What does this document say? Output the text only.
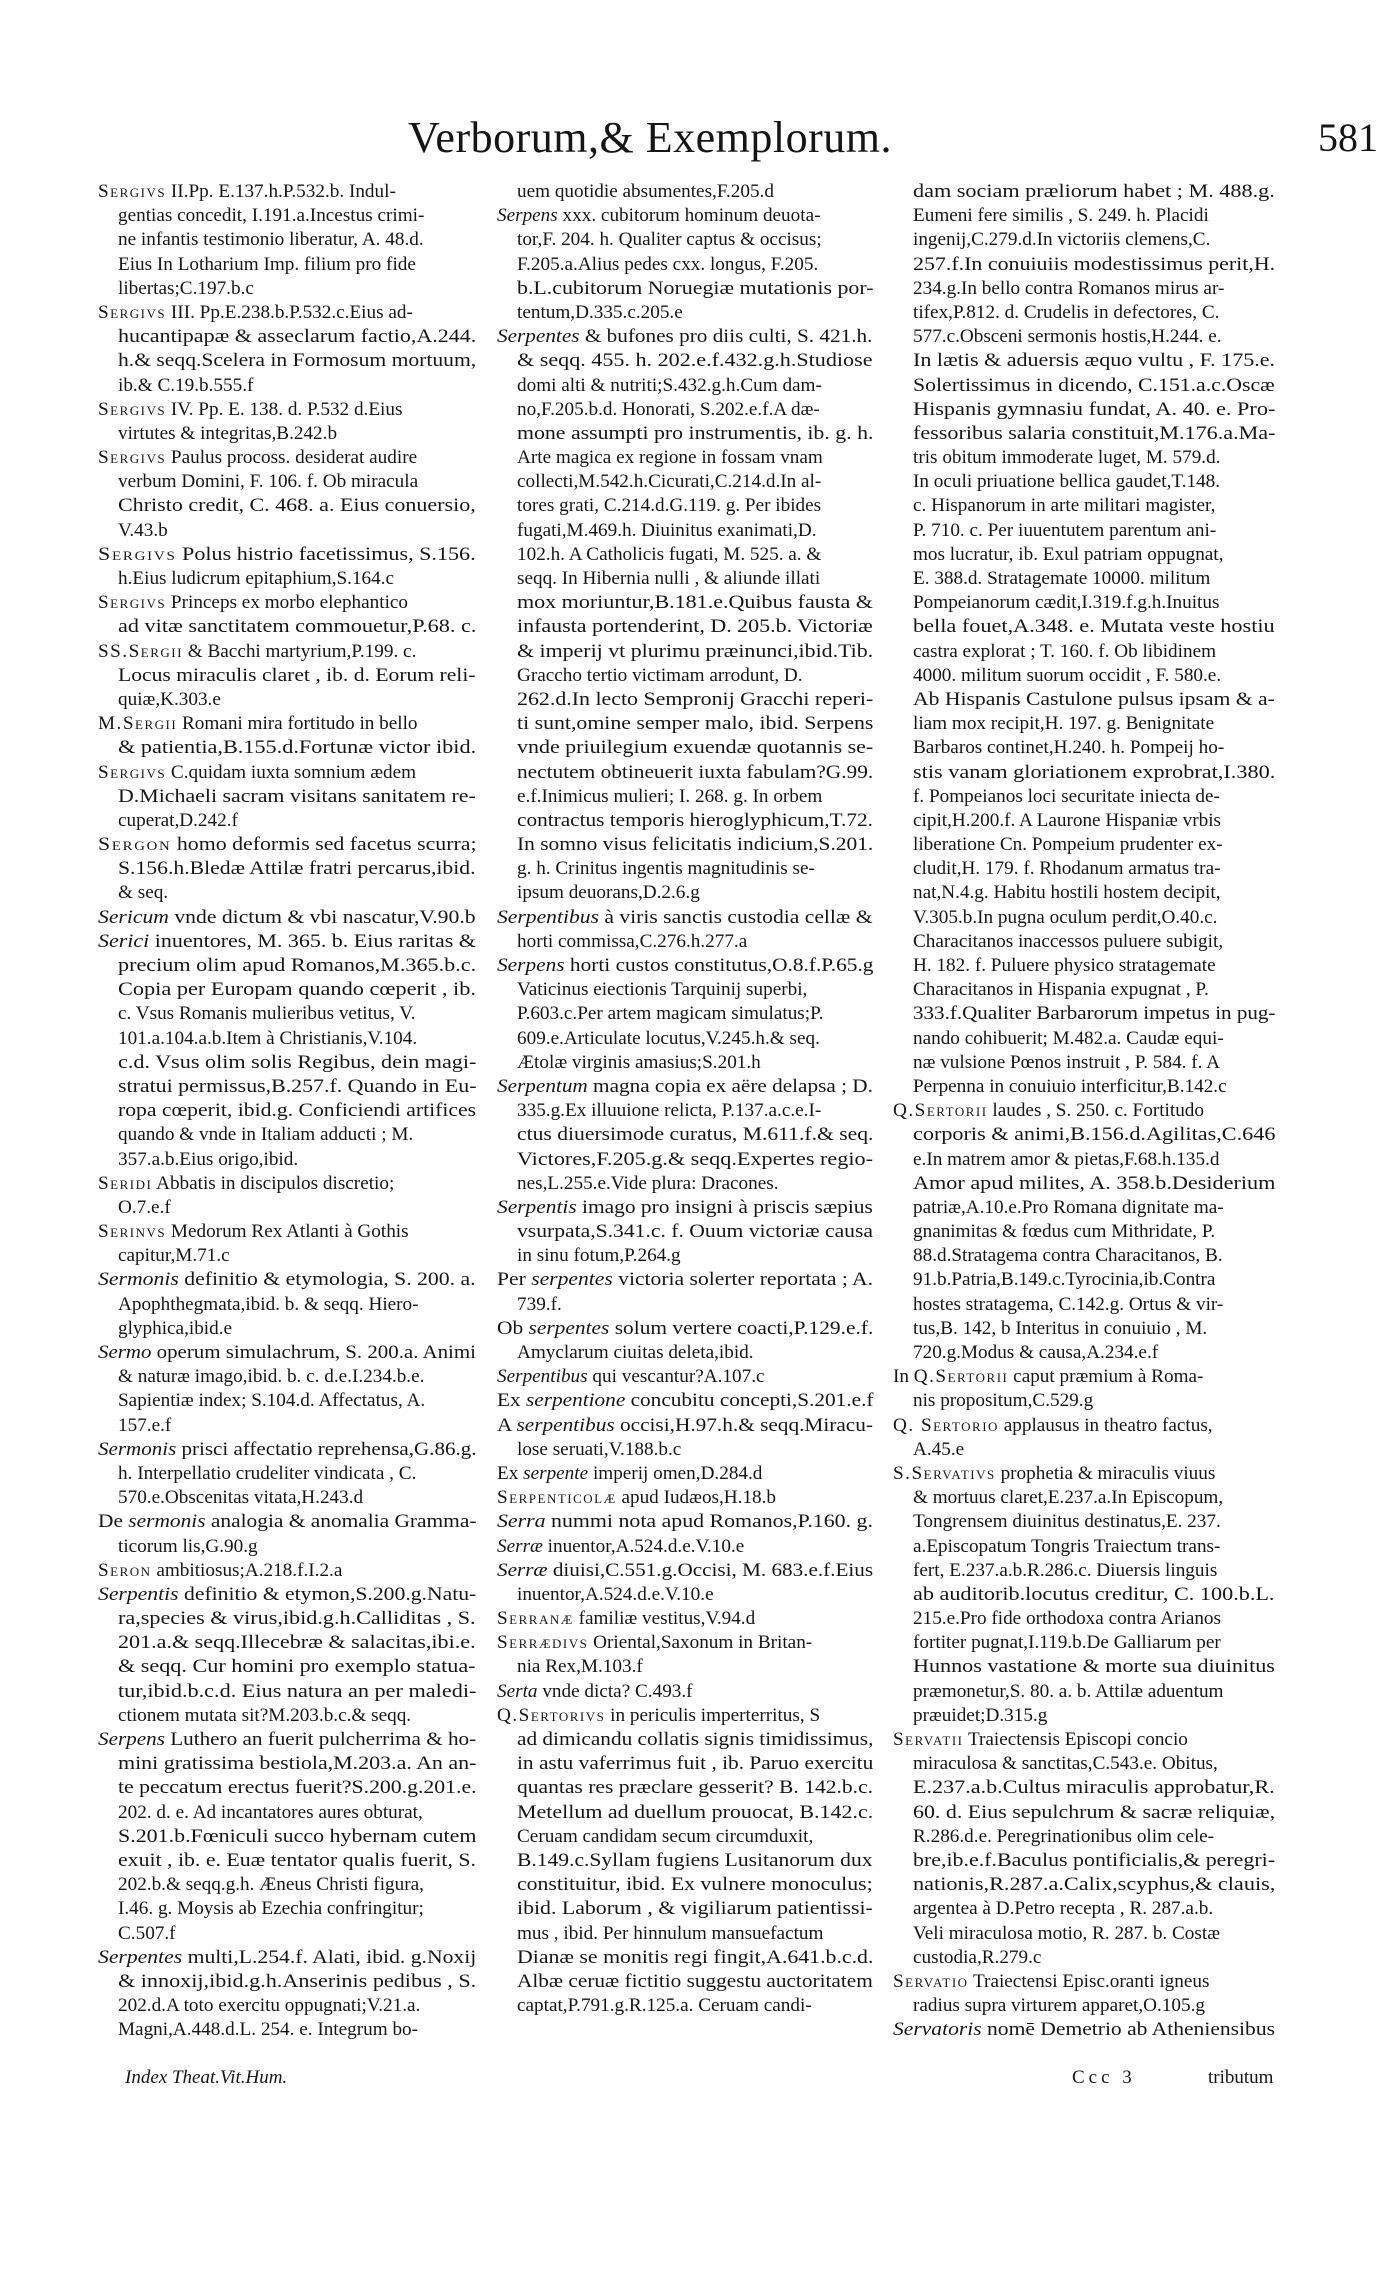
Verborum,& Exemplorum.	581
Sergivs II.Pp. E.137.h.P.532.b. Indul-
gentias concedit, I.191.a.Incestus crimi-
ne infantis testimonio liberatur, A. 48.d.
Eius In Lotharium Imp. filium pro fide
libertas;C.197.b.c
Sergivs III. Pp.E.238.b.P.532.c.Eius ad-
hucantipapæ & asseclarum factio,A.244.
h.& seqq.Scelera in Formosum mortuum,
ib.& C.19.b.555.f
Sergivs IV. Pp. E. 138. d. P.532 d.Eius
virtutes & integritas,B.242.b
Sergivs Paulus procoss. desiderat audire
verbum Domini, F. 106. f. Ob miracula
Christo credit, C. 468. a. Eius conuersio,
V.43.b
Sergivs Polus histrio facetissimus, S.156.
h.Eius ludicrum epitaphium,S.164.c
Sergivs Princeps ex morbo elephantico
ad vitæ sanctitatem commouetur,P.68. c.
SS.Sergii & Bacchi martyrium,P.199. c.
Locus miraculis claret , ib. d. Eorum reli-
quiæ,K.303.e
M.Sergii Romani mira fortitudo in bello
& patientia,B.155.d.Fortunæ victor ibid.
Sergivs C.quidam iuxta somnium ædem
D.Michaeli sacram visitans sanitatem re-
cuperat,D.242.f
Sergon homo deformis sed facetus scurra;
S.156.h.Bledæ Attilæ fratri percarus,ibid.
& seq.
Sericum vnde dictum & vbi nascatur,V.90.b
Serici inuentores, M. 365. b. Eius raritas &
precium olim apud Romanos,M.365.b.c.
Copia per Europam quando cœperit , ib.
c. Vsus Romanis mulieribus vetitus, V.
101.a.104.a.b.Item à Christianis,V.104.
c.d. Vsus olim solis Regibus, dein magi-
stratui permissus,B.257.f. Quando in Eu-
ropa cœperit, ibid.g. Conficiendi artifices
quando & vnde in Italiam adducti ; M.
357.a.b.Eius origo,ibid.
Seridi Abbatis in discipulos discretio;
O.7.e.f
Serinvs Medorum Rex Atlanti à Gothis
capitur,M.71.c
Sermonis definitio & etymologia, S. 200. a.
Apophthegmata,ibid. b. & seqq. Hiero-
glyphica,ibid.e
Sermo operum simulachrum, S. 200.a. Animi
& naturæ imago,ibid. b. c. d.e.I.234.b.e.
Sapientiæ index; S.104.d. Affectatus, A.
157.e.f
Sermonis prisci affectatio reprehensa,G.86.g.
h. Interpellatio crudeliter vindicata , C.
570.e.Obscenitas vitata,H.243.d
De sermonis analogia & anomalia Gramma-
ticorum lis,G.90.g
Seron ambitiosus;A.218.f.I.2.a
Serpentis definitio & etymon,S.200.g.Natu-
ra,species & virus,ibid.g.h.Calliditas , S.
201.a.& seqq.Illecebræ & salacitas,ibi.e.
& seqq. Cur homini pro exemplo statua-
tur,ibid.b.c.d. Eius natura an per maledi-
ctionem mutata sit?M.203.b.c.& seqq.
Serpens Luthero an fuerit pulcherrima & ho-
mini gratissima bestiola,M.203.a. An an-
te peccatum erectus fuerit?S.200.g.201.e.
202. d. e. Ad incantatores aures obturat,
S.201.b.Fœniculi succo hybernam cutem
exuit , ib. e. Euæ tentator qualis fuerit, S.
202.b.& seqq.g.h. Æneus Christi figura,
I.46. g. Moysis ab Ezechia confringitur;
C.507.f
Serpentes multi,L.254.f. Alati, ibid. g.Noxij
& innoxij,ibid.g.h.Anserinis pedibus , S.
202.d.A toto exercitu oppugnati;V.21.a.
Magni,A.448.d.L. 254. e. Integrum bo-
uem quotidie absumentes,F.205.d
Serpens xxx. cubitorum hominum deuota-
tor,F. 204. h. Qualiter captus & occisus;
F.205.a.Alius pedes cxx. longus, F.205.
b.L.cubitorum Noruegiæ mutationis por-
tentum,D.335.c.205.e
Serpentes & bufones pro diis culti, S. 421.h.
& seqq. 455. h. 202.e.f.432.g.h.Studiose
domi alti & nutriti;S.432.g.h.Cum dam-
no,F.205.b.d. Honorati, S.202.e.f.A dæ-
mone assumpti pro instrumentis, ib. g. h.
Arte magica ex regione in fossam vnam
collecti,M.542.h.Cicurati,C.214.d.In al-
tores grati, C.214.d.G.119. g. Per ibides
fugati,M.469.h. Diuinitus exanimati,D.
102.h. A Catholicis fugati, M. 525. a. &
seqq. In Hibernia nulli , & aliunde illati
mox moriuntur,B.181.e.Quibus fausta &
infausta portenderint, D. 205.b. Victoriæ
& imperij vt plurimu præinunci,ibid.Tib.
Graccho tertio victimam arrodunt, D.
262.d.In lecto Sempronij Gracchi reperi-
ti sunt,omine semper malo, ibid. Serpens
vnde priuilegium exuendæ quotannis se-
nectutem obtineuerit iuxta fabulam?G.99.
e.f.Inimicus mulieri; I. 268. g. In orbem
contractus temporis hieroglyphicum,T.72.
In somno visus felicitatis indicium,S.201.
g. h. Crinitus ingentis magnitudinis se-
ipsum deuorans,D.2.6.g
Serpentibus à viris sanctis custodia cellæ &
horti commissa,C.276.h.277.a
Serpens horti custos constitutus,O.8.f.P.65.g
Vaticinus eiectionis Tarquinij superbi,
P.603.c.Per artem magicam simulatus;P.
609.e.Articulate locutus,V.245.h.& seq.
Ætolæ virginis amasius;S.201.h
Serpentum magna copia ex aëre delapsa ; D.
335.g.Ex illuuione relicta, P.137.a.c.e.I-
ctus diuersimode curatus, M.611.f.& seq.
Victores,F.205.g.& seqq.Expertes regio-
nes,L.255.e.Vide plura: Dracones.
Serpentis imago pro insigni à priscis sæpius
vsurpata,S.341.c. f. Ouum victoriæ causa
in sinu fotum,P.264.g
Per serpentes victoria solerter reportata ; A.
739.f.
Ob serpentes solum vertere coacti,P.129.e.f.
Amyclarum ciuitas deleta,ibid.
Serpentibus qui vescantur?A.107.c
Ex serpentione concubitu concepti,S.201.e.f
A serpentibus occisi,H.97.h.& seqq.Miracu-
lose seruati,V.188.b.c
Ex serpente imperij omen,D.284.d
Serpenticolæ apud Iudæos,H.18.b
Serra nummi nota apud Romanos,P.160. g.
Serræ inuentor,A.524.d.e.V.10.e
Serræ diuisi,C.551.g.Occisi, M. 683.e.f.Eius
inuentor,A.524.d.e.V.10.e
Serranæ familiæ vestitus,V.94.d
Serrædivs Oriental,Saxonum in Britan-
nia Rex,M.103.f
Serta vnde dicta? C.493.f
Q.Sertorivs in periculis imperterritus, S
ad dimicandu collatis signis timidissimus,
in astu vaferrimus fuit , ib. Paruo exercitu
quantas res præclare gesserit? B. 142.b.c.
Metellum ad duellum prouocat, B.142.c.
Ceruam candidam secum circumduxit,
B.149.c.Syllam fugiens Lusitanorum dux
constituitur, ibid. Ex vulnere monoculus;
ibid. Laborum , & vigiliarum patientissi-
mus , ibid. Per hinnulum mansuefactum
Dianæ se monitis regi fingit,A.641.b.c.d.
Albæ ceruæ fictitio suggestu auctoritatem
captat,P.791.g.R.125.a. Ceruam candi-
dam sociam præliorum habet ; M. 488.g.
Eumeni fere similis , S. 249. h. Placidi
ingenij,C.279.d.In victoriis clemens,C.
257.f.In conuiuiis modestissimus perit,H.
234.g.In bello contra Romanos mirus ar-
tifex,P.812. d. Crudelis in defectores, C.
577.c.Obsceni sermonis hostis,H.244. e.
In lætis & aduersis æquo vultu , F. 175.e.
Solertissimus in dicendo, C.151.a.c.Oscæ
Hispanis gymnasiu fundat, A. 40. e. Pro-
fessoribus salaria constituit,M.176.a.Ma-
tris obitum immoderate luget, M. 579.d.
In oculi priuatione bellica gaudet,T.148.
c. Hispanorum in arte militari magister,
P. 710. c. Per iuuentutem parentum ani-
mos lucratur, ib. Exul patriam oppugnat,
E. 388.d. Stratagemate 10000. militum
Pompeianorum cædit,I.319.f.g.h.Inuitus
bella fouet,A.348. e. Mutata veste hostiu
castra explorat ; T. 160. f. Ob libidinem
4000. militum suorum occidit , F. 580.e.
Ab Hispanis Castulone pulsus ipsam & a-
liam mox recipit,H. 197. g. Benignitate
Barbaros continet,H.240. h. Pompeij ho-
stis vanam gloriationem exprobrat,I.380.
f. Pompeianos loci securitate iniecta de-
cipit,H.200.f. A Laurone Hispaniæ vrbis
liberatione Cn. Pompeium prudenter ex-
cludit,H. 179. f. Rhodanum armatus tra-
nat,N.4.g. Habitu hostili hostem decipit,
V.305.b.In pugna oculum perdit,O.40.c.
Characitanos inaccessos puluere subigit,
H. 182. f. Puluere physico stratagemate
Characitanos in Hispania expugnat , P.
333.f.Qualiter Barbarorum impetus in pug-
nando cohibuerit; M.482.a. Caudæ equi-
næ vulsione Pœnos instruit , P. 584. f. A
Perpenna in conuiuio interficitur,B.142.c
Q.Sertorii laudes , S. 250. c. Fortitudo
corporis & animi,B.156.d.Agilitas,C.646
e.In matrem amor & pietas,F.68.h.135.d
Amor apud milites, A. 358.b.Desiderium
patriæ,A.10.e.Pro Romana dignitate ma-
gnanimitas & fœdus cum Mithridate, P.
88.d.Stratagema contra Characitanos, B.
91.b.Patria,B.149.c.Tyrocinia,ib.Contra
hostes stratagema, C.142.g. Ortus & vir-
tus,B. 142, b Interitus in conuiuio , M.
720.g.Modus & causa,A.234.e.f
In Q.Sertorii caput præmium à Roma-
nis propositum,C.529.g
Q. Sertorio applausus in theatro factus,
A.45.e
S.Servativs prophetia & miraculis viuus
& mortuus claret,E.237.a.In Episcopum,
Tongrensem diuinitus destinatus,E. 237.
a.Episcopatum Tongris Traiectum trans-
fert, E.237.a.b.R.286.c. Diuersis linguis
ab auditorib.locutus creditur, C. 100.b.L.
215.e.Pro fide orthodoxa contra Arianos
fortiter pugnat,I.119.b.De Galliarum per
Hunnos vastatione & morte sua diuinitus
præmonetur,S. 80. a. b. Attilæ aduentum
præuidet;D.315.g
Servatii Traiectensis Episcopi concio
miraculosa & sanctitas,C.543.e. Obitus,
E.237.a.b.Cultus miraculis approbatur,R.
60. d. Eius sepulchrum & sacræ reliquiæ,
R.286.d.e. Peregrinationibus olim cele-
bre,ib.e.f.Baculus pontificialis,& peregri-
nationis,R.287.a.Calix,scyphus,& clauis,
argentea à D.Petro recepta , R. 287.a.b.
Veli miraculosa motio, R. 287. b. Costæ
custodia,R.279.c
Servatio Traiectensi Episc.oranti igneus
radius supra virturem apparet,O.105.g
Servatoris nomē Demetrio ab Atheniensibus
Index Theat.Vit.Hum.	Ccc 3	tributum
